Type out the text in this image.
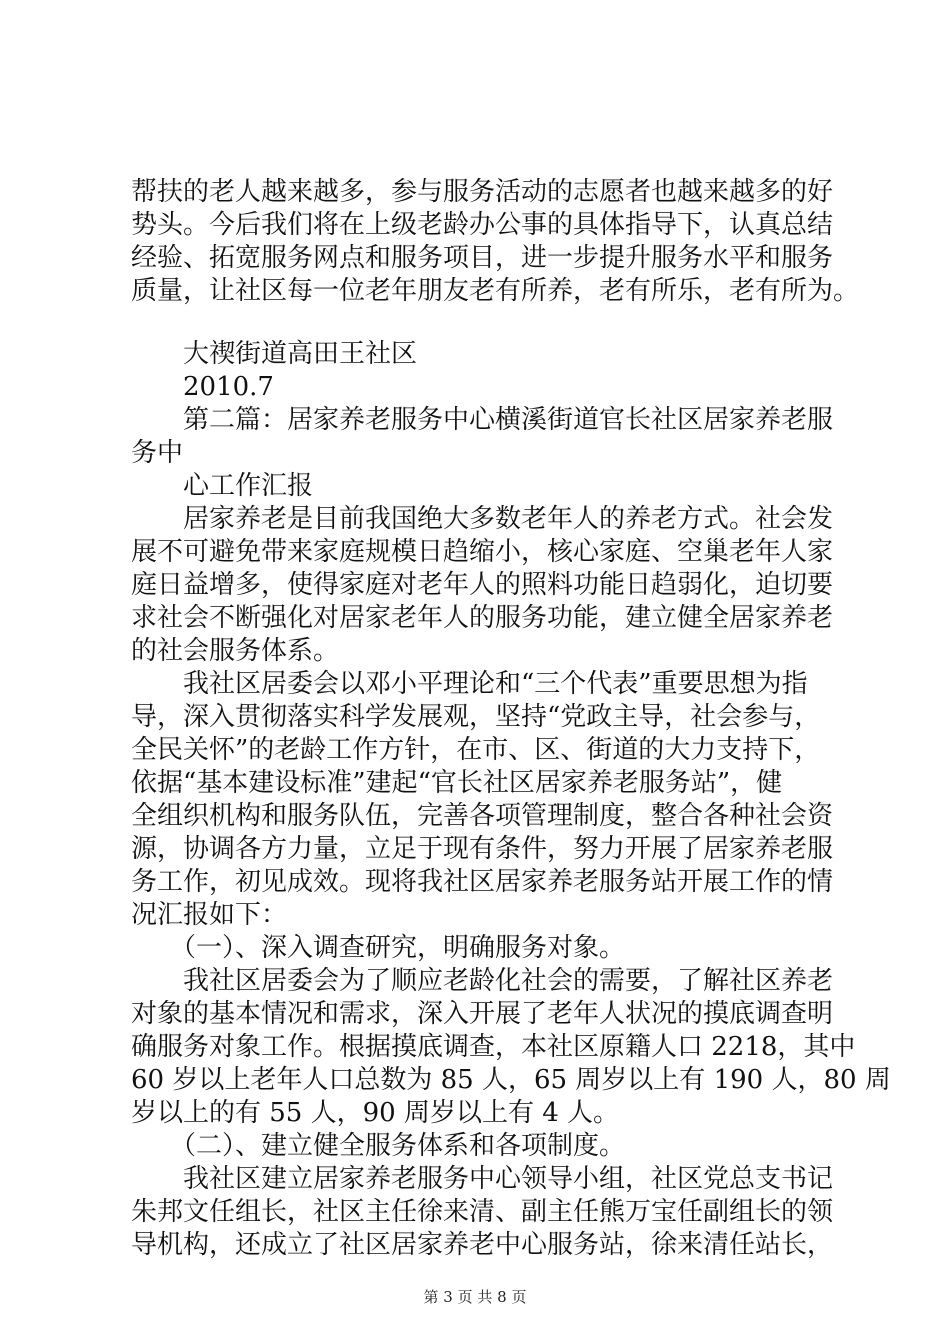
帮扶的老人越来越多，参与服务活动的志愿者也越来越多的好
势头。今后我们将在上级老龄办公事的具体指导下，认真总结
经验、拓宽服务网点和服务项目，进一步提升服务水平和服务
质量，让社区每一位老年朋友老有所养，老有所乐，老有所为。
　　大禊街道高田王社区
　　2010.7
　　第二篇：居家养老服务中心横溪街道官长社区居家养老服
务中
　　心工作汇报
　　居家养老是目前我国绝大多数老年人的养老方式。社会发
展不可避免带来家庭规模日趋缩小，核心家庭、空巢老年人家
庭日益增多，使得家庭对老年人的照料功能日趋弱化，迫切要
求社会不断强化对居家老年人的服务功能，建立健全居家养老
的社会服务体系。
　　我社区居委会以邓小平理论和“三个代表”重要思想为指
导，深入贯彻落实科学发展观，坚持“党政主导，社会参与，
全民关怀”的老龄工作方针，在市、区、街道的大力支持下，
依据“基本建设标准”建起“官长社区居家养老服务站”，健
全组织机构和服务队伍，完善各项管理制度，整合各种社会资
源，协调各方力量，立足于现有条件，努力开展了居家养老服
务工作，初见成效。现将我社区居家养老服务站开展工作的情
况汇报如下：
　　（一）、深入调查研究，明确服务对象。
　　我社区居委会为了顺应老龄化社会的需要，了解社区养老
对象的基本情况和需求，深入开展了老年人状况的摸底调查明
确服务对象工作。根据摸底调查，本社区原籍人口 2218，其中
60 岁以上老年人口总数为 85 人，65 周岁以上有 190 人，80 周
岁以上的有 55 人，90 周岁以上有 4 人。
　　（二）、建立健全服务体系和各项制度。
　　我社区建立居家养老服务中心领导小组，社区党总支书记
朱邦文任组长，社区主任徐来清、副主任熊万宝任副组长的领
导机构，还成立了社区居家养老中心服务站，徐来清任站长，
第 3 页 共 8 页
